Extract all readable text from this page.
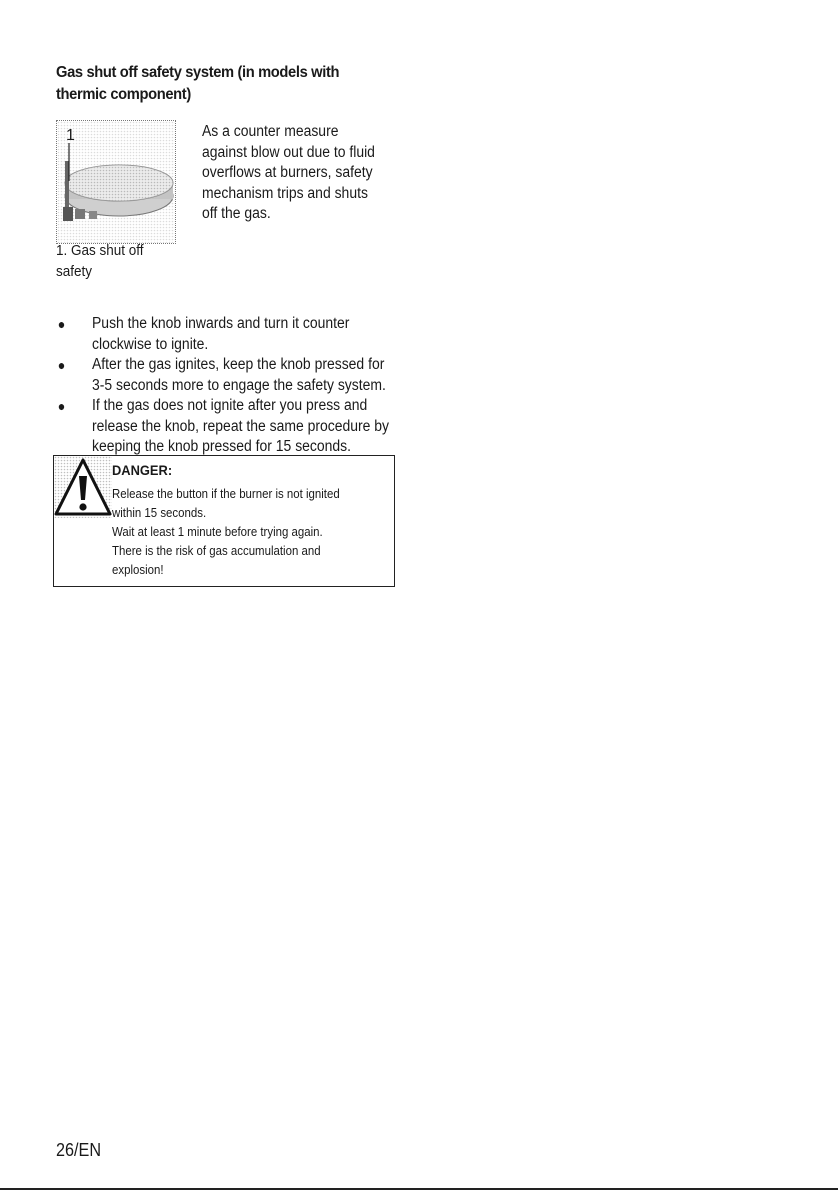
Gas shut off safety system (in models with
thermic component)
1
1. Gas shut off
safety
As a counter measure
against blow out due to fluid
overflows at burners, safety
mechanism trips and shuts
off the gas.
● Push the knob inwards and turn it counter
clockwise to ignite.
● After the gas ignites, keep the knob pressed for
3-5 seconds more to engage the safety system.
● If the gas does not ignite after you press and
release the knob, repeat the same procedure by
keeping the knob pressed for 15 seconds.
DANGER:
Release the button if the burner is not ignited
within 15 seconds.
Wait at least 1 minute before trying again.
There is the risk of gas accumulation and
explosion!
26/EN
